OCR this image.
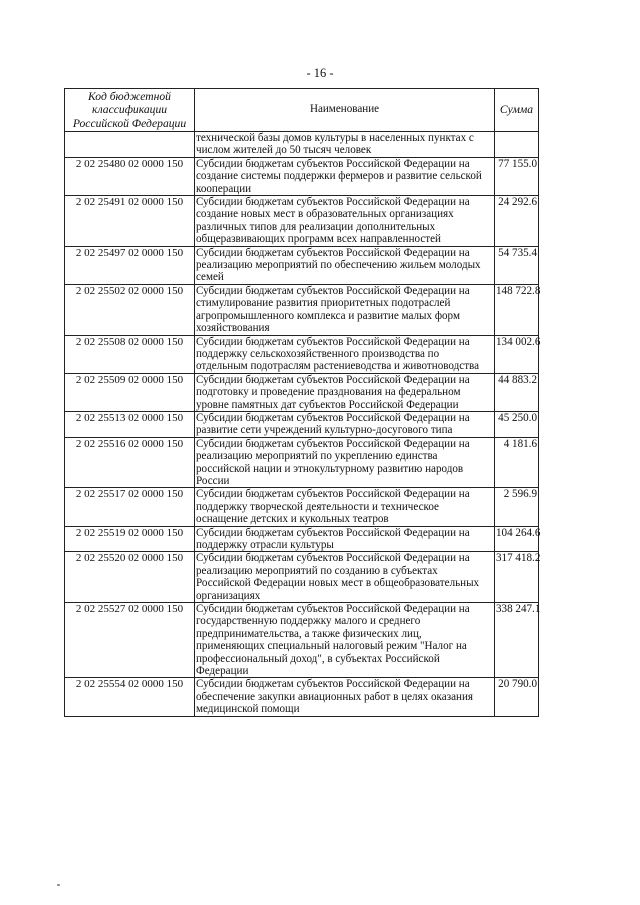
- 16 -
Код бюджетной классификации Российской Федерации	Наименование	Сумма
	технической базы домов культуры в населенных пунктах с числом жителей до 50 тысяч человек	
2 02 25480 02 0000 150	Субсидии бюджетам субъектов Российской Федерации на создание системы поддержки фермеров и развитие сельской кооперации	77 155.0
2 02 25491 02 0000 150	Субсидии бюджетам субъектов Российской Федерации на создание новых мест в образовательных организациях различных типов для реализации дополнительных общеразвивающих программ всех направленностей	24 292.6
2 02 25497 02 0000 150	Субсидии бюджетам субъектов Российской Федерации на реализацию мероприятий по обеспечению жильем молодых семей	54 735.4
2 02 25502 02 0000 150	Субсидии бюджетам субъектов Российской Федерации на стимулирование развития приоритетных подотраслей агропромышленного комплекса и развитие малых форм хозяйствования	148 722.8
2 02 25508 02 0000 150	Субсидии бюджетам субъектов Российской Федерации на поддержку сельскохозяйственного производства по отдельным подотраслям растениеводства и животноводства	134 002.6
2 02 25509 02 0000 150	Субсидии бюджетам субъектов Российской Федерации на подготовку и проведение празднования на федеральном уровне памятных дат субъектов Российской Федерации	44 883.2
2 02 25513 02 0000 150	Субсидии бюджетам субъектов Российской Федерации на развитие сети учреждений культурно-досугового типа	45 250.0
2 02 25516 02 0000 150	Субсидии бюджетам субъектов Российской Федерации на реализацию мероприятий по укреплению единства российской нации и этнокультурному развитию народов России	4 181.6
2 02 25517 02 0000 150	Субсидии бюджетам субъектов Российской Федерации на поддержку творческой деятельности и техническое оснащение детских и кукольных театров	2 596.9
2 02 25519 02 0000 150	Субсидии бюджетам субъектов Российской Федерации на поддержку отрасли культуры	104 264.6
2 02 25520 02 0000 150	Субсидии бюджетам субъектов Российской Федерации на реализацию мероприятий по созданию в субъектах Российской Федерации новых мест в общеобразовательных организациях	317 418.2
2 02 25527 02 0000 150	Субсидии бюджетам субъектов Российской Федерации на государственную поддержку малого и среднего предпринимательства, а также физических лиц, применяющих специальный налоговый режим "Налог на профессиональный доход", в субъектах Российской Федерации	338 247.1
2 02 25554 02 0000 150	Субсидии бюджетам субъектов Российской Федерации на обеспечение закупки авиационных работ в целях оказания медицинской помощи	20 790.0
